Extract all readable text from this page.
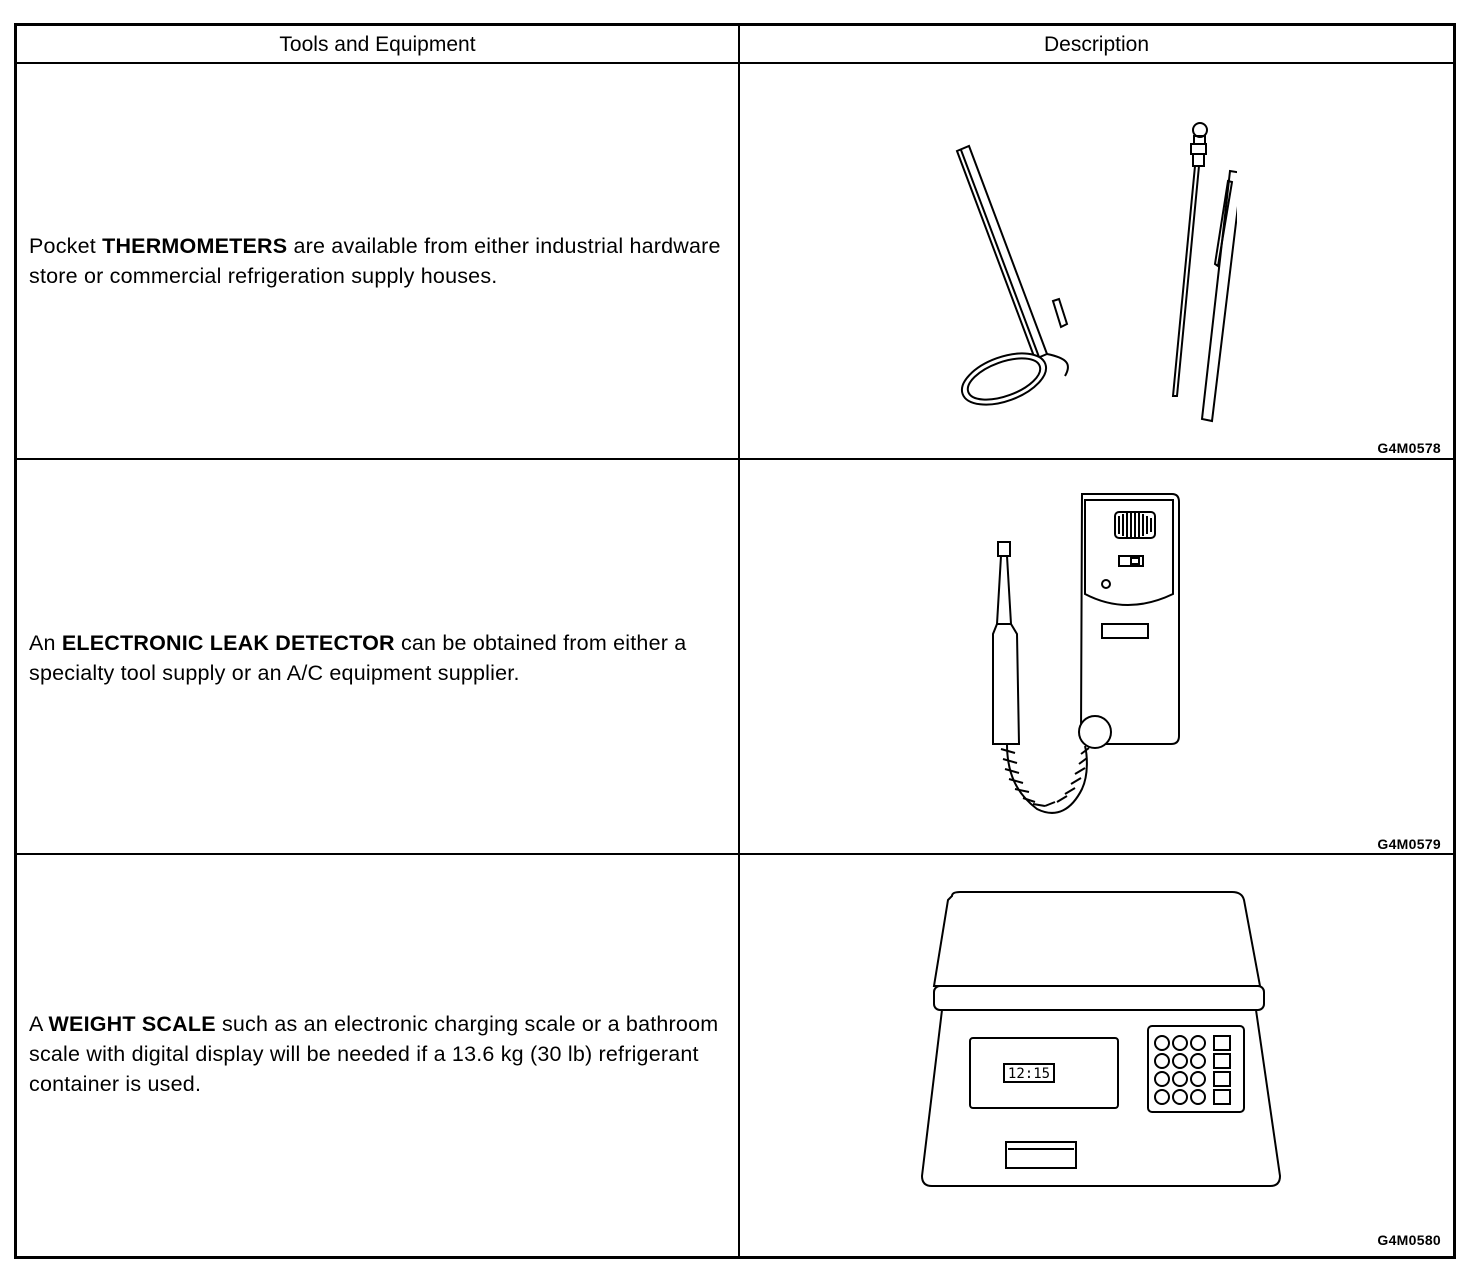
Tools and Equipment	Description
Pocket THERMOMETERS are available from either industrial hardware store or commercial refrigeration supply houses.
G4M0578
An ELECTRONIC LEAK DETECTOR can be obtained from either a specialty tool supply or an A/C equipment supplier.
G4M0579
A WEIGHT SCALE such as an electronic charging scale or a bathroom scale with digital display will be needed if a 13.6 kg (30 lb) refrigerant container is used.	12:15
G4M0580
